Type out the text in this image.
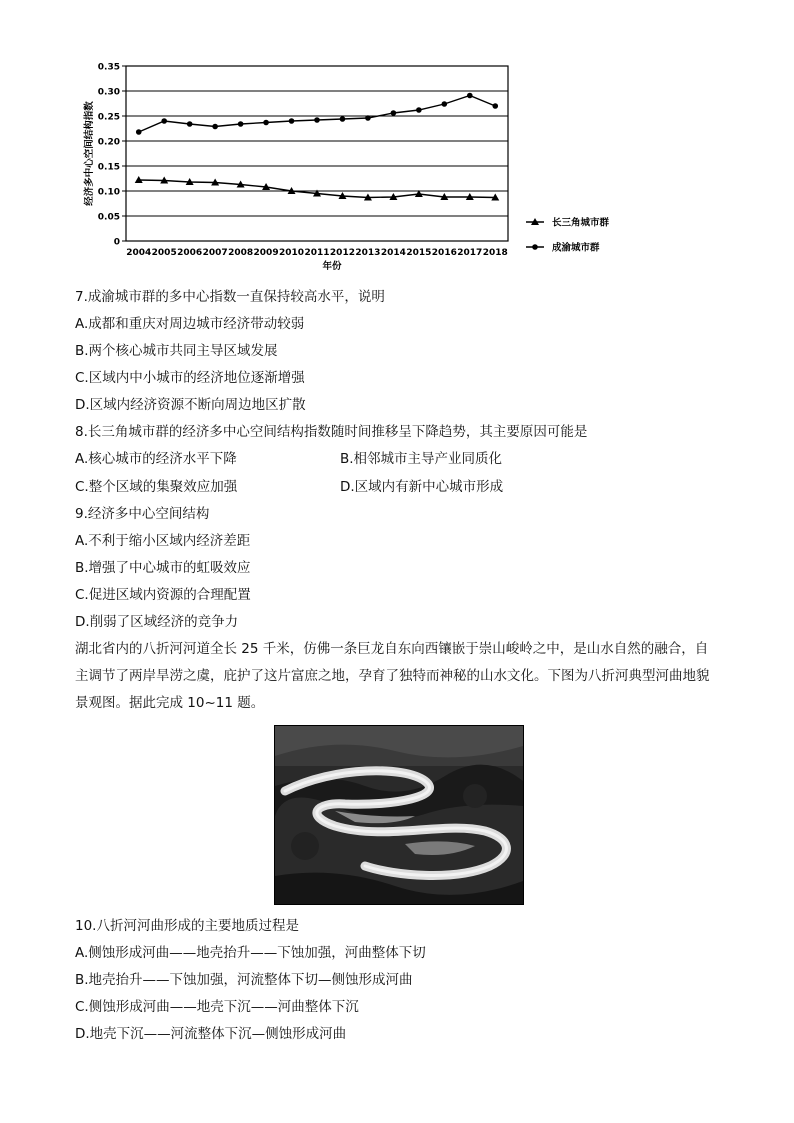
0.35
0.30
0.25
0.20
0.15
0.10
0.05
0
2004 2005 2006 2007 2008 2009 2010 2011 2012 2013 2014 2015 2016 2017 2018
年份
经济多中心空间结构指数
长三角城市群
成渝城市群
7.成渝城市群的多中心指数一直保持较高水平，说明
A.成都和重庆对周边城市经济带动较弱
B.两个核心城市共同主导区域发展
C.区域内中小城市的经济地位逐渐增强
D.区域内经济资源不断向周边地区扩散
8.长三角城市群的经济多中心空间结构指数随时间推移呈下降趋势，其主要原因可能是
A.核心城市的经济水平下降	B.相邻城市主导产业同质化
C.整个区域的集聚效应加强	D.区域内有新中心城市形成
9.经济多中心空间结构
A.不利于缩小区域内经济差距
B.增强了中心城市的虹吸效应
C.促进区域内资源的合理配置
D.削弱了区域经济的竞争力
湖北省内的八折河河道全长 25 千米，仿佛一条巨龙自东向西镶嵌于崇山峻岭之中，是山水自然的融合，自主调节了两岸旱涝之虞，庇护了这片富庶之地，孕育了独特而神秘的山水文化。下图为八折河典型河曲地貌景观图。据此完成 10~11 题。
10.八折河河曲形成的主要地质过程是
A.侧蚀形成河曲——地壳抬升——下蚀加强，河曲整体下切
B.地壳抬升——下蚀加强，河流整体下切—侧蚀形成河曲
C.侧蚀形成河曲——地壳下沉——河曲整体下沉
D.地壳下沉——河流整体下沉—侧蚀形成河曲
